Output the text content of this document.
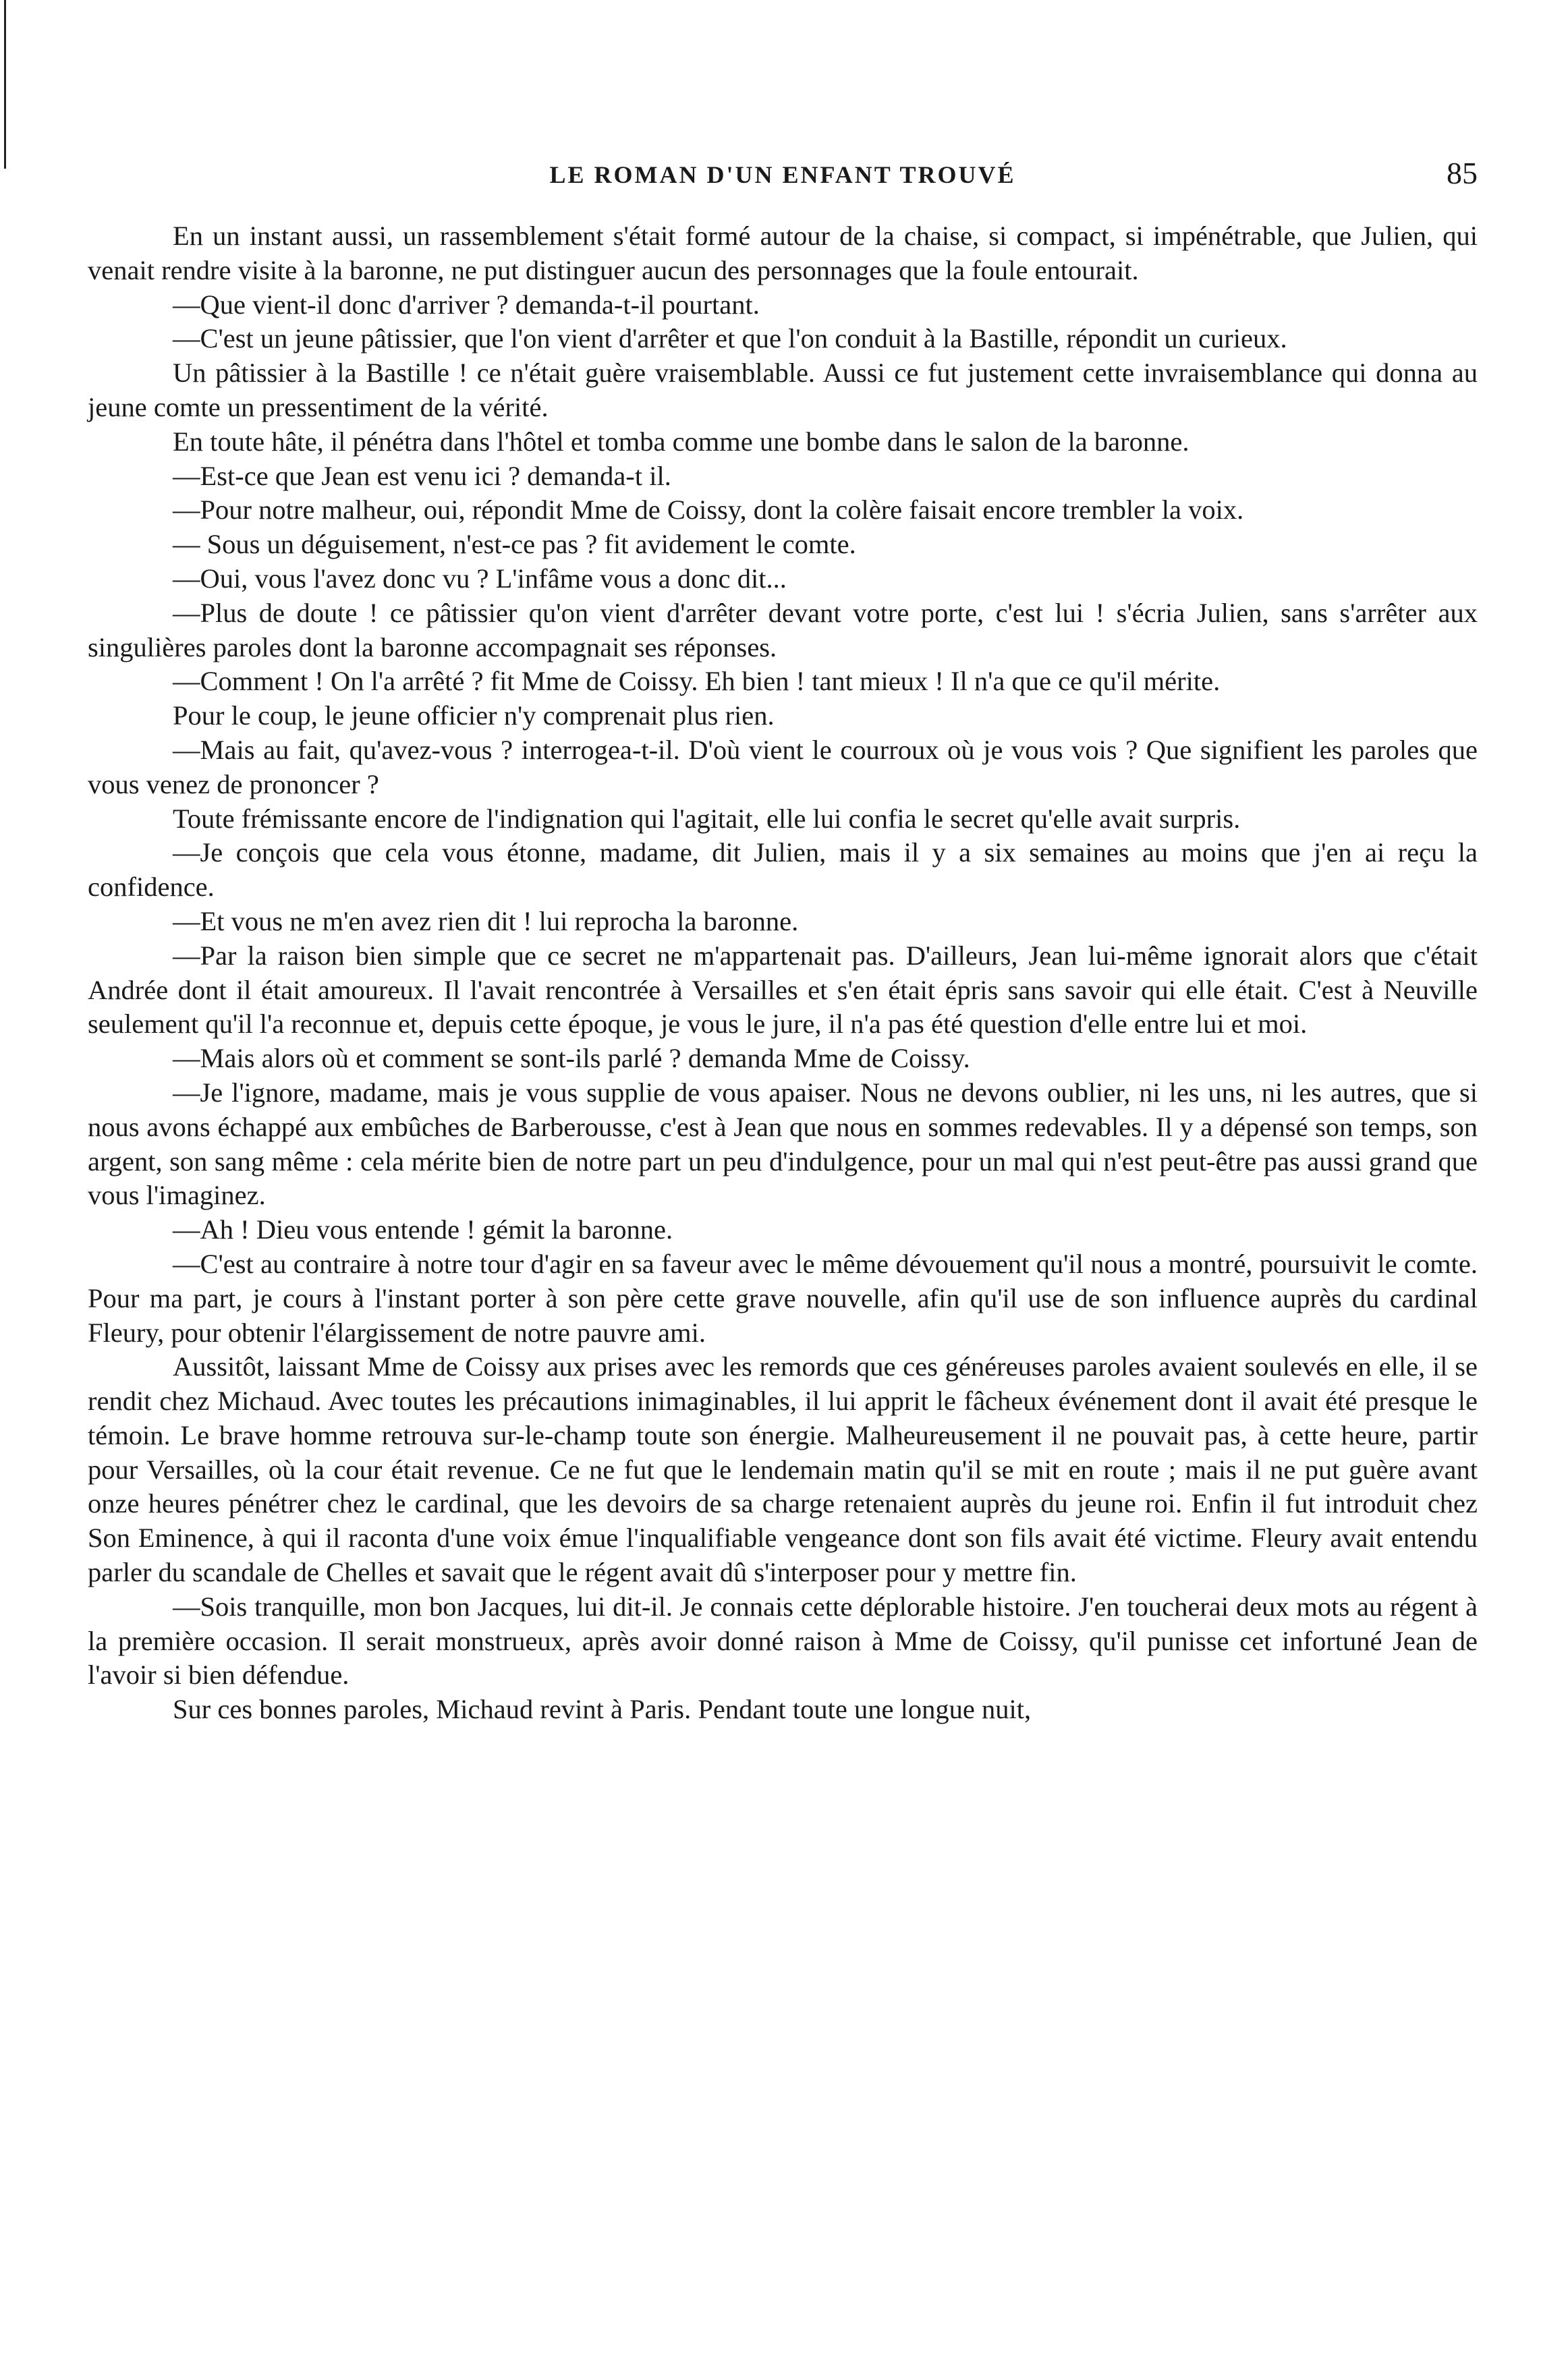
LE ROMAN D'UN ENFANT TROUVÉ	85

En un instant aussi, un rassemblement s'était formé autour de la chaise, si compact, si impénétrable, que Julien, qui venait rendre visite à la baronne, ne put distinguer aucun des personnages que la foule entourait.

—Que vient-il donc d'arriver ? demanda-t-il pourtant.

—C'est un jeune pâtissier, que l'on vient d'arrêter et que l'on conduit à la Bastille, répondit un curieux.

Un pâtissier à la Bastille ! ce n'était guère vraisemblable. Aussi ce fut justement cette invraisemblance qui donna au jeune comte un pressentiment de la vérité.

En toute hâte, il pénétra dans l'hôtel et tomba comme une bombe dans le salon de la baronne.

—Est-ce que Jean est venu ici ? demanda-t il.

—Pour notre malheur, oui, répondit Mme de Coissy, dont la colère faisait encore trembler la voix.

— Sous un déguisement, n'est-ce pas ? fit avidement le comte.

—Oui, vous l'avez donc vu ? L'infâme vous a donc dit...

—Plus de doute ! ce pâtissier qu'on vient d'arrêter devant votre porte, c'est lui ! s'écria Julien, sans s'arrêter aux singulières paroles dont la baronne accompagnait ses réponses.

—Comment ! On l'a arrêté ? fit Mme de Coissy. Eh bien ! tant mieux ! Il n'a que ce qu'il mérite.

Pour le coup, le jeune officier n'y comprenait plus rien.

—Mais au fait, qu'avez-vous ? interrogea-t-il. D'où vient le courroux où je vous vois ? Que signifient les paroles que vous venez de prononcer ?

Toute frémissante encore de l'indignation qui l'agitait, elle lui confia le secret qu'elle avait surpris.

—Je conçois que cela vous étonne, madame, dit Julien, mais il y a six semaines au moins que j'en ai reçu la confidence.

—Et vous ne m'en avez rien dit ! lui reprocha la baronne.

—Par la raison bien simple que ce secret ne m'appartenait pas. D'ailleurs, Jean lui-même ignorait alors que c'était Andrée dont il était amoureux. Il l'avait rencontrée à Versailles et s'en était épris sans savoir qui elle était. C'est à Neuville seulement qu'il l'a reconnue et, depuis cette époque, je vous le jure, il n'a pas été question d'elle entre lui et moi.

—Mais alors où et comment se sont-ils parlé ? demanda Mme de Coissy.

—Je l'ignore, madame, mais je vous supplie de vous apaiser. Nous ne devons oublier, ni les uns, ni les autres, que si nous avons échappé aux embûches de Barberousse, c'est à Jean que nous en sommes redevables. Il y a dépensé son temps, son argent, son sang même : cela mérite bien de notre part un peu d'indulgence, pour un mal qui n'est peut-être pas aussi grand que vous l'imaginez.

—Ah ! Dieu vous entende ! gémit la baronne.

—C'est au contraire à notre tour d'agir en sa faveur avec le même dévouement qu'il nous a montré, poursuivit le comte. Pour ma part, je cours à l'instant porter à son père cette grave nouvelle, afin qu'il use de son influence auprès du cardinal Fleury, pour obtenir l'élargissement de notre pauvre ami.

Aussitôt, laissant Mme de Coissy aux prises avec les remords que ces généreuses paroles avaient soulevés en elle, il se rendit chez Michaud. Avec toutes les précautions inimaginables, il lui apprit le fâcheux événement dont il avait été presque le témoin. Le brave homme retrouva sur-le-champ toute son énergie. Malheureusement il ne pouvait pas, à cette heure, partir pour Versailles, où la cour était revenue. Ce ne fut que le lendemain matin qu'il se mit en route ; mais il ne put guère avant onze heures pénétrer chez le cardinal, que les devoirs de sa charge retenaient auprès du jeune roi. Enfin il fut introduit chez Son Eminence, à qui il raconta d'une voix émue l'inqualifiable vengeance dont son fils avait été victime. Fleury avait entendu parler du scandale de Chelles et savait que le régent avait dû s'interposer pour y mettre fin.

—Sois tranquille, mon bon Jacques, lui dit-il. Je connais cette déplorable histoire. J'en toucherai deux mots au régent à la première occasion. Il serait monstrueux, après avoir donné raison à Mme de Coissy, qu'il punisse cet infortuné Jean de l'avoir si bien défendue.

Sur ces bonnes paroles, Michaud revint à Paris. Pendant toute une longue nuit,
